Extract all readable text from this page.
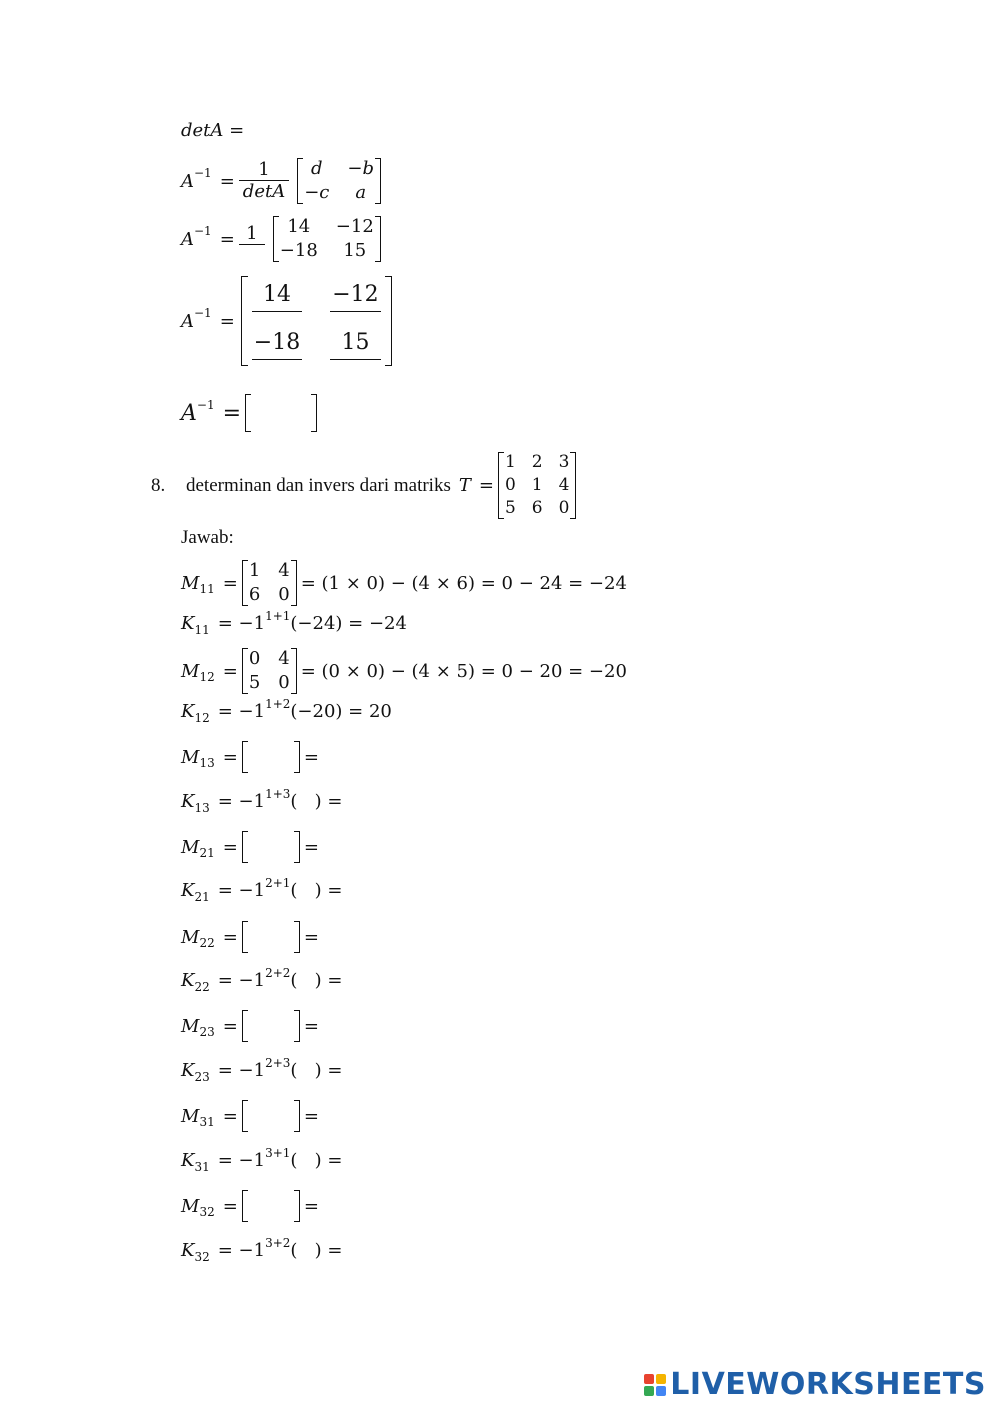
detA =
$A -1 = \frac{1}{\det A}$	d	−b
−c	a
A −1 = 1	14	−12
−18	15
A −1 =
14	−12
−18	15
A −1 =
8.	determinan dan invers dari matriks T =
1 2 3
0 1 4
5 6 0
Jawab:
M 11 =
1 4
6 0
= (1 × 0) − (4 × 6) = 0 − 24 = −24
K 11 = −1 1+1 (−24) = −24
M 12 =
0 4
5 0
= (0 × 0) − (4 × 5) = 0 − 20 = −20
K 12 = −1 1+2 (−20) = 20
M 13 =	=
K 13 = −1 1+3 (   ) =
M 21 =	=
K 21 = −1 2+1 (   ) =
M 22 =	=
K 22 = −1 2+2 (   ) =
M 23 =	=
K 23 = −1 2+3 (   ) =
M 31 =	=
K 31 = −1 3+1 (   ) =
M 32 =	=
K 32 = −1 3+2 (   ) =
LIVEWORKSHEETS
